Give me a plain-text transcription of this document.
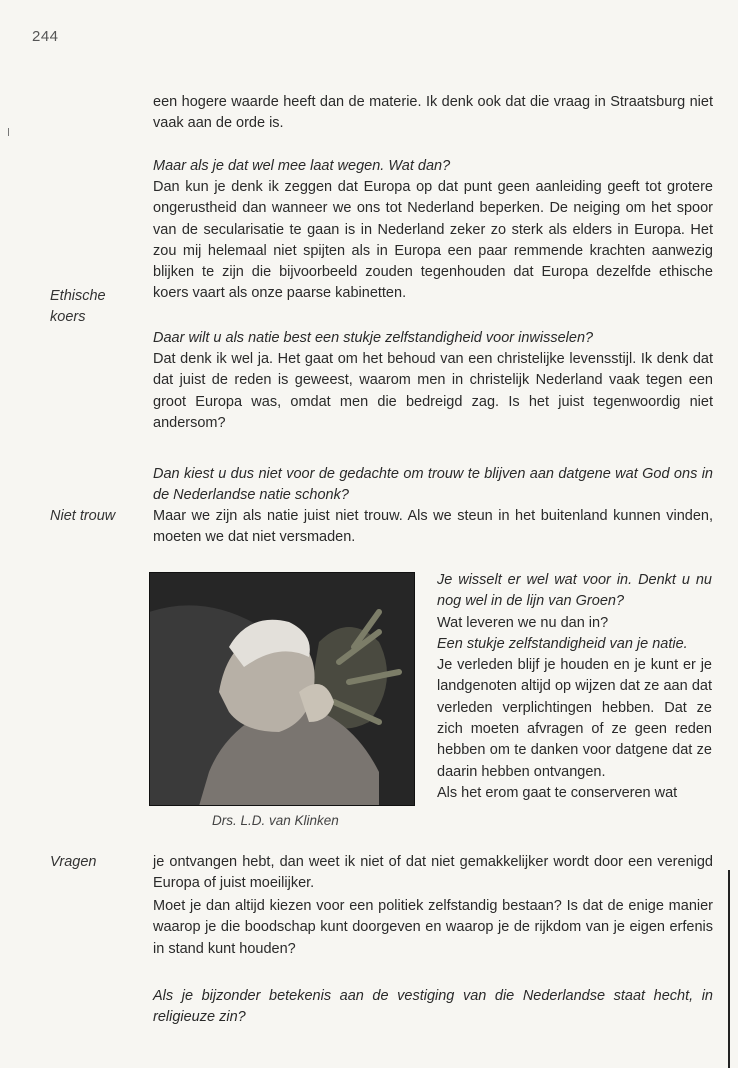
244
Ethische
koers
Niet trouw
Vragen

een hogere waarde heeft dan de materie. Ik denk ook dat die vraag in Straatsburg niet vaak aan de orde is.

Maar als je dat wel mee laat wegen. Wat dan?

Dan kun je denk ik zeggen dat Europa op dat punt geen aanleiding geeft tot grotere ongerustheid dan wanneer we ons tot Nederland beperken. De neiging om het spoor van de secularisatie te gaan is in Nederland zeker zo sterk als elders in Europa. Het zou mij helemaal niet spijten als in Europa een paar remmende krachten aanwezig blijken te zijn die bijvoorbeeld zouden tegenhouden dat Europa dezelfde ethische koers vaart als onze paarse kabinetten.

Daar wilt u als natie best een stukje zelfstandigheid voor inwisselen?

Dat denk ik wel ja. Het gaat om het behoud van een christelijke levensstijl. Ik denk dat dat juist de reden is geweest, waarom men in christelijk Nederland vaak tegen een groot Europa was, omdat men die bedreigd zag. Is het juist tegenwoordig niet andersom?

Dan kiest u dus niet voor de gedachte om trouw te blijven aan datgene wat God ons in de Nederlandse natie schonk?

Maar we zijn als natie juist niet trouw. Als we steun in het buitenland kunnen vinden, moeten we dat niet versmaden.

Drs. L.D. van Klinken
Je wisselt er wel wat voor in. Denkt u nu nog wel in de lijn van Groen?
Wat leveren we nu dan in?
Een stukje zelfstandigheid van je natie.
Je verleden blijf je houden en je kunt er je landgenoten altijd op wijzen dat ze aan dat verleden verplichtingen hebben. Dat ze zich moeten afvragen of ze geen reden hebben om te danken voor datgene dat ze daarin hebben ontvangen.
Als het erom gaat te conserveren wat

je ontvangen hebt, dan weet ik niet of dat niet gemakkelijker wordt door een verenigd Europa of juist moeilijker.

Moet je dan altijd kiezen voor een politiek zelfstandig bestaan? Is dat de enige manier waarop je die boodschap kunt doorgeven en waarop je de rijkdom van je eigen erfenis in stand kunt houden?

Als je bijzonder betekenis aan de vestiging van die Nederlandse staat hecht, in religieuze zin?
